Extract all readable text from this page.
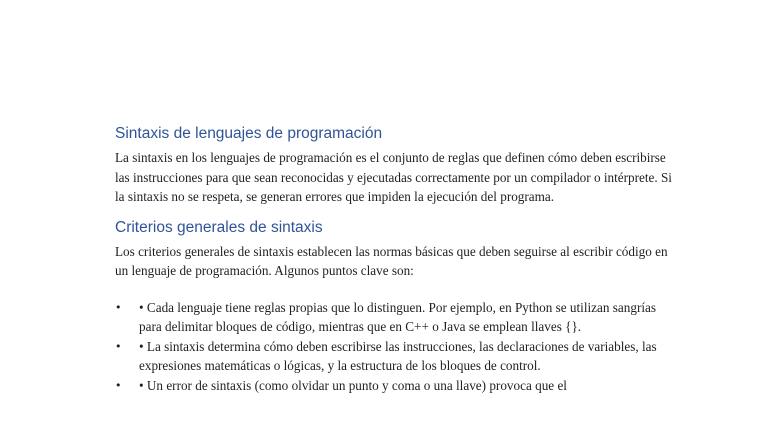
Sintaxis de lenguajes de programación

La sintaxis en los lenguajes de programación es el conjunto de reglas que definen cómo deben escribirse las instrucciones para que sean reconocidas y ejecutadas correctamente por un compilador o intérprete. Si la sintaxis no se respeta, se generan errores que impiden la ejecución del programa.

Criterios generales de sintaxis

Los criterios generales de sintaxis establecen las normas básicas que deben seguirse al escribir código en un lenguaje de programación. Algunos puntos clave son:

• • Cada lenguaje tiene reglas propias que lo distinguen. Por ejemplo, en Python se utilizan sangrías para delimitar bloques de código, mientras que en C++ o Java se emplean llaves {}.
• • La sintaxis determina cómo deben escribirse las instrucciones, las declaraciones de variables, las expresiones matemáticas o lógicas, y la estructura de los bloques de control.
• • Un error de sintaxis (como olvidar un punto y coma o una llave) provoca que el
